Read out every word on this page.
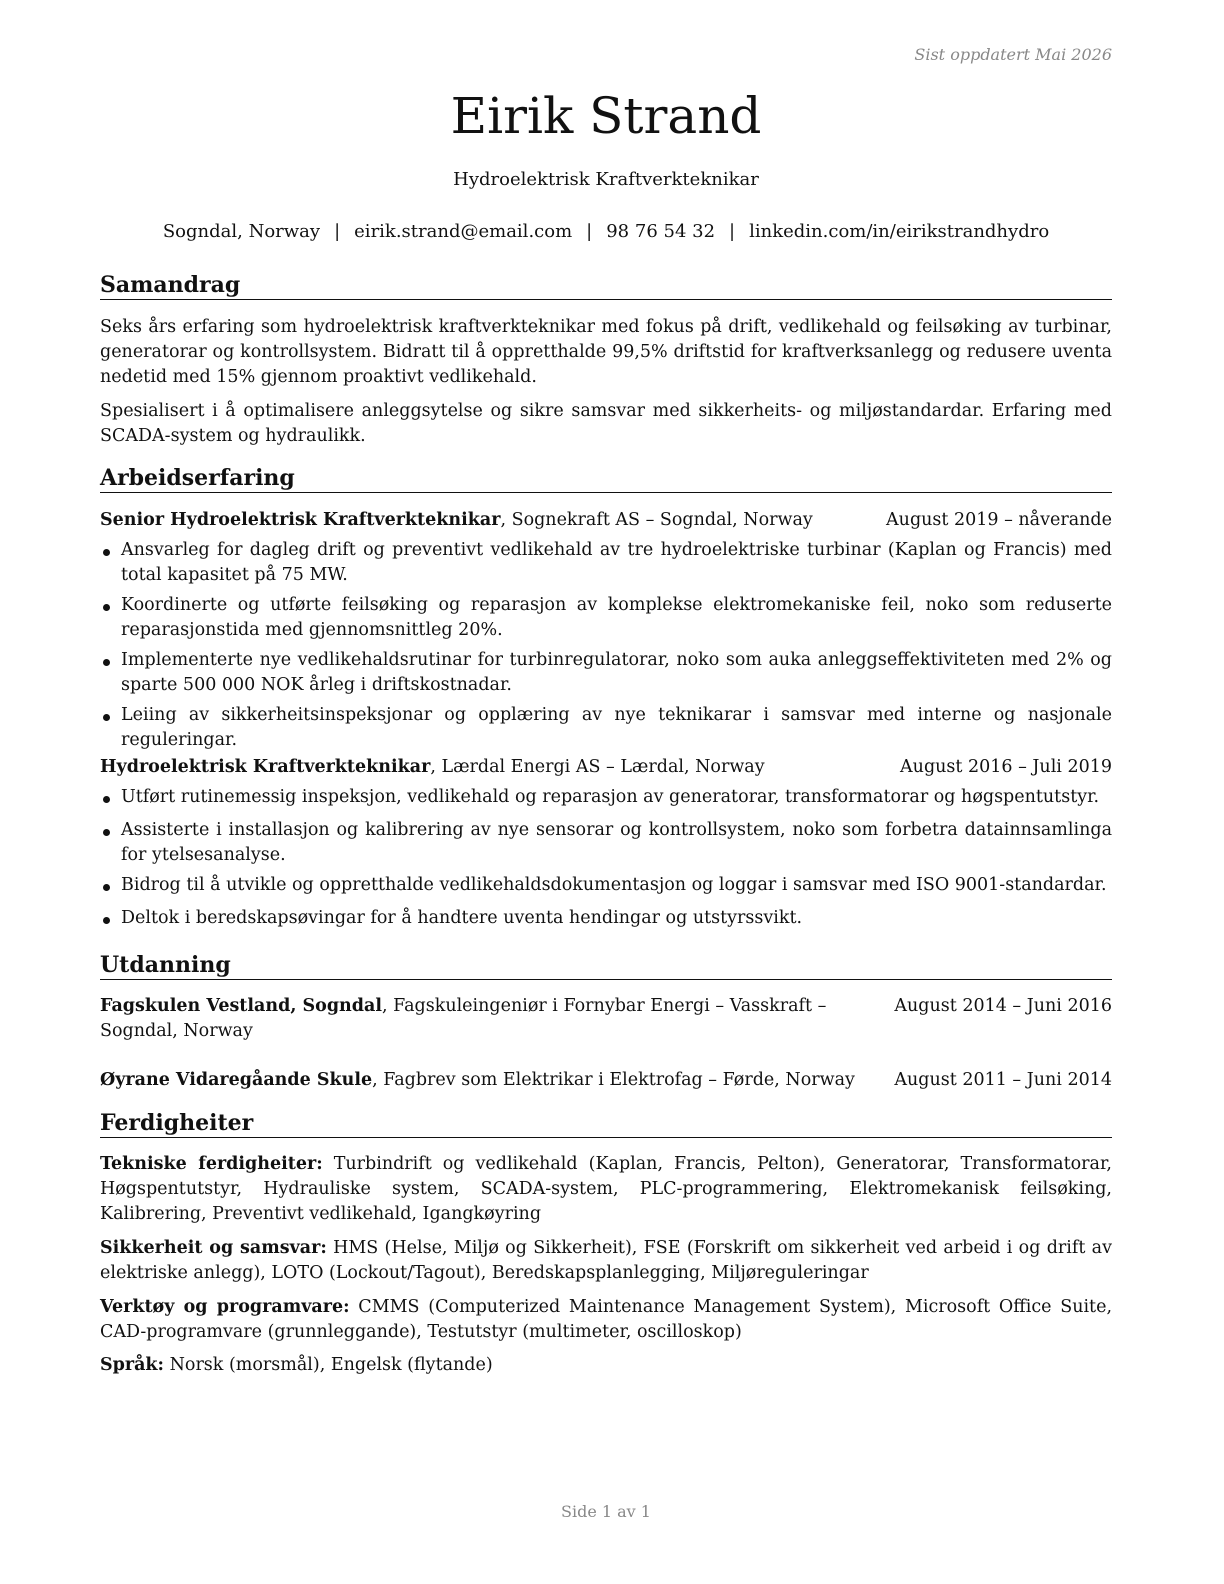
Sist oppdatert Mai 2026
Eirik Strand
Hydroelektrisk Kraftverkteknikar
Sogndal, Norway | eirik.strand@email.com | 98 76 54 32 | linkedin.com/in/eirikstrandhydro
Samandrag
Seks års erfaring som hydroelektrisk kraftverkteknikar med fokus på drift, vedlikehald og feilsøking av turbinar, generatorar og kontrollsystem. Bidratt til å oppretthalde 99,5% driftstid for kraftverksanlegg og redusere uventa nedetid med 15% gjennom proaktivt vedlikehald.
Spesialisert i å optimalisere anleggsytelse og sikre samsvar med sikkerheits- og miljøstandardar. Erfaring med SCADA-system og hydraulikk.
Arbeidserfaring
Senior Hydroelektrisk Kraftverkteknikar, Sognekraft AS – Sogndal, Norway	August 2019 – nåverande
Ansvarleg for dagleg drift og preventivt vedlikehald av tre hydroelektriske turbinar (Kaplan og Francis) med total kapasitet på 75 MW.
Koordinerte og utførte feilsøking og reparasjon av komplekse elektromekaniske feil, noko som reduserte reparasjonstida med gjennomsnittleg 20%.
Implementerte nye vedlikehaldsrutinar for turbinregulatorar, noko som auka anleggseffektiviteten med 2% og sparte 500 000 NOK årleg i driftskostnadar.
Leiing av sikkerheitsinspeksjonar og opplæring av nye teknikarar i samsvar med interne og nasjonale reguleringar.
Hydroelektrisk Kraftverkteknikar, Lærdal Energi AS – Lærdal, Norway	August 2016 – Juli 2019
Utført rutinemessig inspeksjon, vedlikehald og reparasjon av generatorar, transformatorar og høgspentutstyr.
Assisterte i installasjon og kalibrering av nye sensorar og kontrollsystem, noko som forbetra datainnsamlinga for ytelsesanalyse.
Bidrog til å utvikle og oppretthalde vedlikehaldsdokumentasjon og loggar i samsvar med ISO 9001-standardar.
Deltok i beredskapsøvingar for å handtere uventa hendingar og utstyrssvikt.
Utdanning
Fagskulen Vestland, Sogndal, Fagskuleingeniør i Fornybar Energi – Vasskraft – Sogndal, Norway
August 2014 – Juni 2016
Øyrane Vidaregåande Skule, Fagbrev som Elektrikar i Elektrofag – Førde, Norway	August 2011 – Juni 2014
Ferdigheiter
Tekniske ferdigheiter: Turbindrift og vedlikehald (Kaplan, Francis, Pelton), Generatorar, Transformatorar, Høgspentutstyr, Hydrauliske system, SCADA-system, PLC-programmering, Elektromekanisk feilsøking, Kalibrering, Preventivt vedlikehald, Igangkøyring
Sikkerheit og samsvar: HMS (Helse, Miljø og Sikkerheit), FSE (Forskrift om sikkerheit ved arbeid i og drift av elektriske anlegg), LOTO (Lockout/Tagout), Beredskapsplanlegging, Miljøreguleringar
Verktøy og programvare: CMMS (Computerized Maintenance Management System), Microsoft Office Suite, CAD-programvare (grunnleggande), Testutstyr (multimeter, oscilloskop)
Språk: Norsk (morsmål), Engelsk (flytande)
Side 1 av 1
